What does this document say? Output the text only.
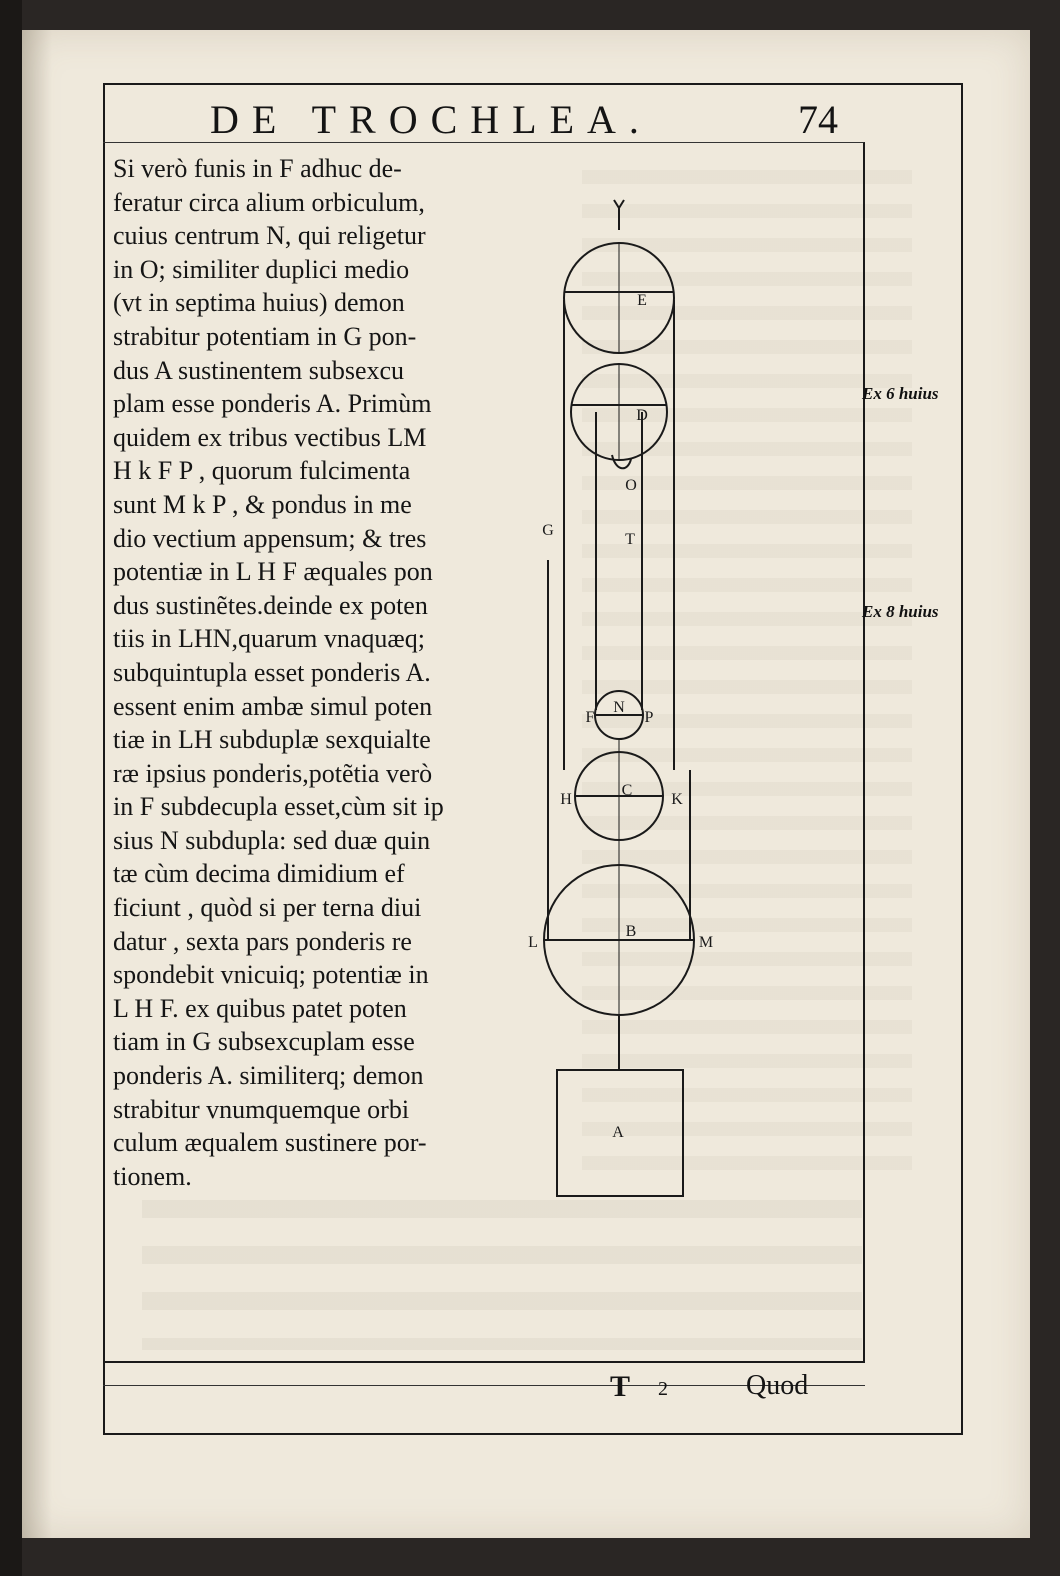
DE TROCHLEA.	74
Si verò funis in F adhuc de-
feratur circa alium orbiculum,
cuius centrum N, qui religetur
in O; similiter duplici medio
(vt in septima huius) demon
strabitur potentiam in G pon-
dus A sustinentem subsexcu
plam esse ponderis A. Primùm
quidem ex tribus vectibus LM
H k F P , quorum fulcimenta
sunt M k P , & pondus in me
dio vectium appensum; & tres
potentiæ in L H F æquales pon
dus sustinẽtes.deinde ex poten
tiis in LHN,quarum vnaquæq;
subquintupla esset ponderis A.
essent enim ambæ simul poten
tiæ in LH subduplæ sexquialte
ræ ipsius ponderis,potẽtia verò
in F subdecupla esset,cùm sit ip
sius N subdupla: sed duæ quin
tæ cùm decima dimidium ef
ficiunt , quòd si per terna diui
datur , sexta pars ponderis re
spondebit vnicuiq; potentiæ in
L H F. ex quibus patet poten
tiam in G subsexcuplam esse
ponderis A. similiterq; demon
strabitur vnumquemque orbi
culum æqualem sustinere por-
tionem.
Ex 6 huius
Ex 8 huius
E
D
O
T
G
F
N
P
H
C
K
L
B
M
A
T 2	Quod
